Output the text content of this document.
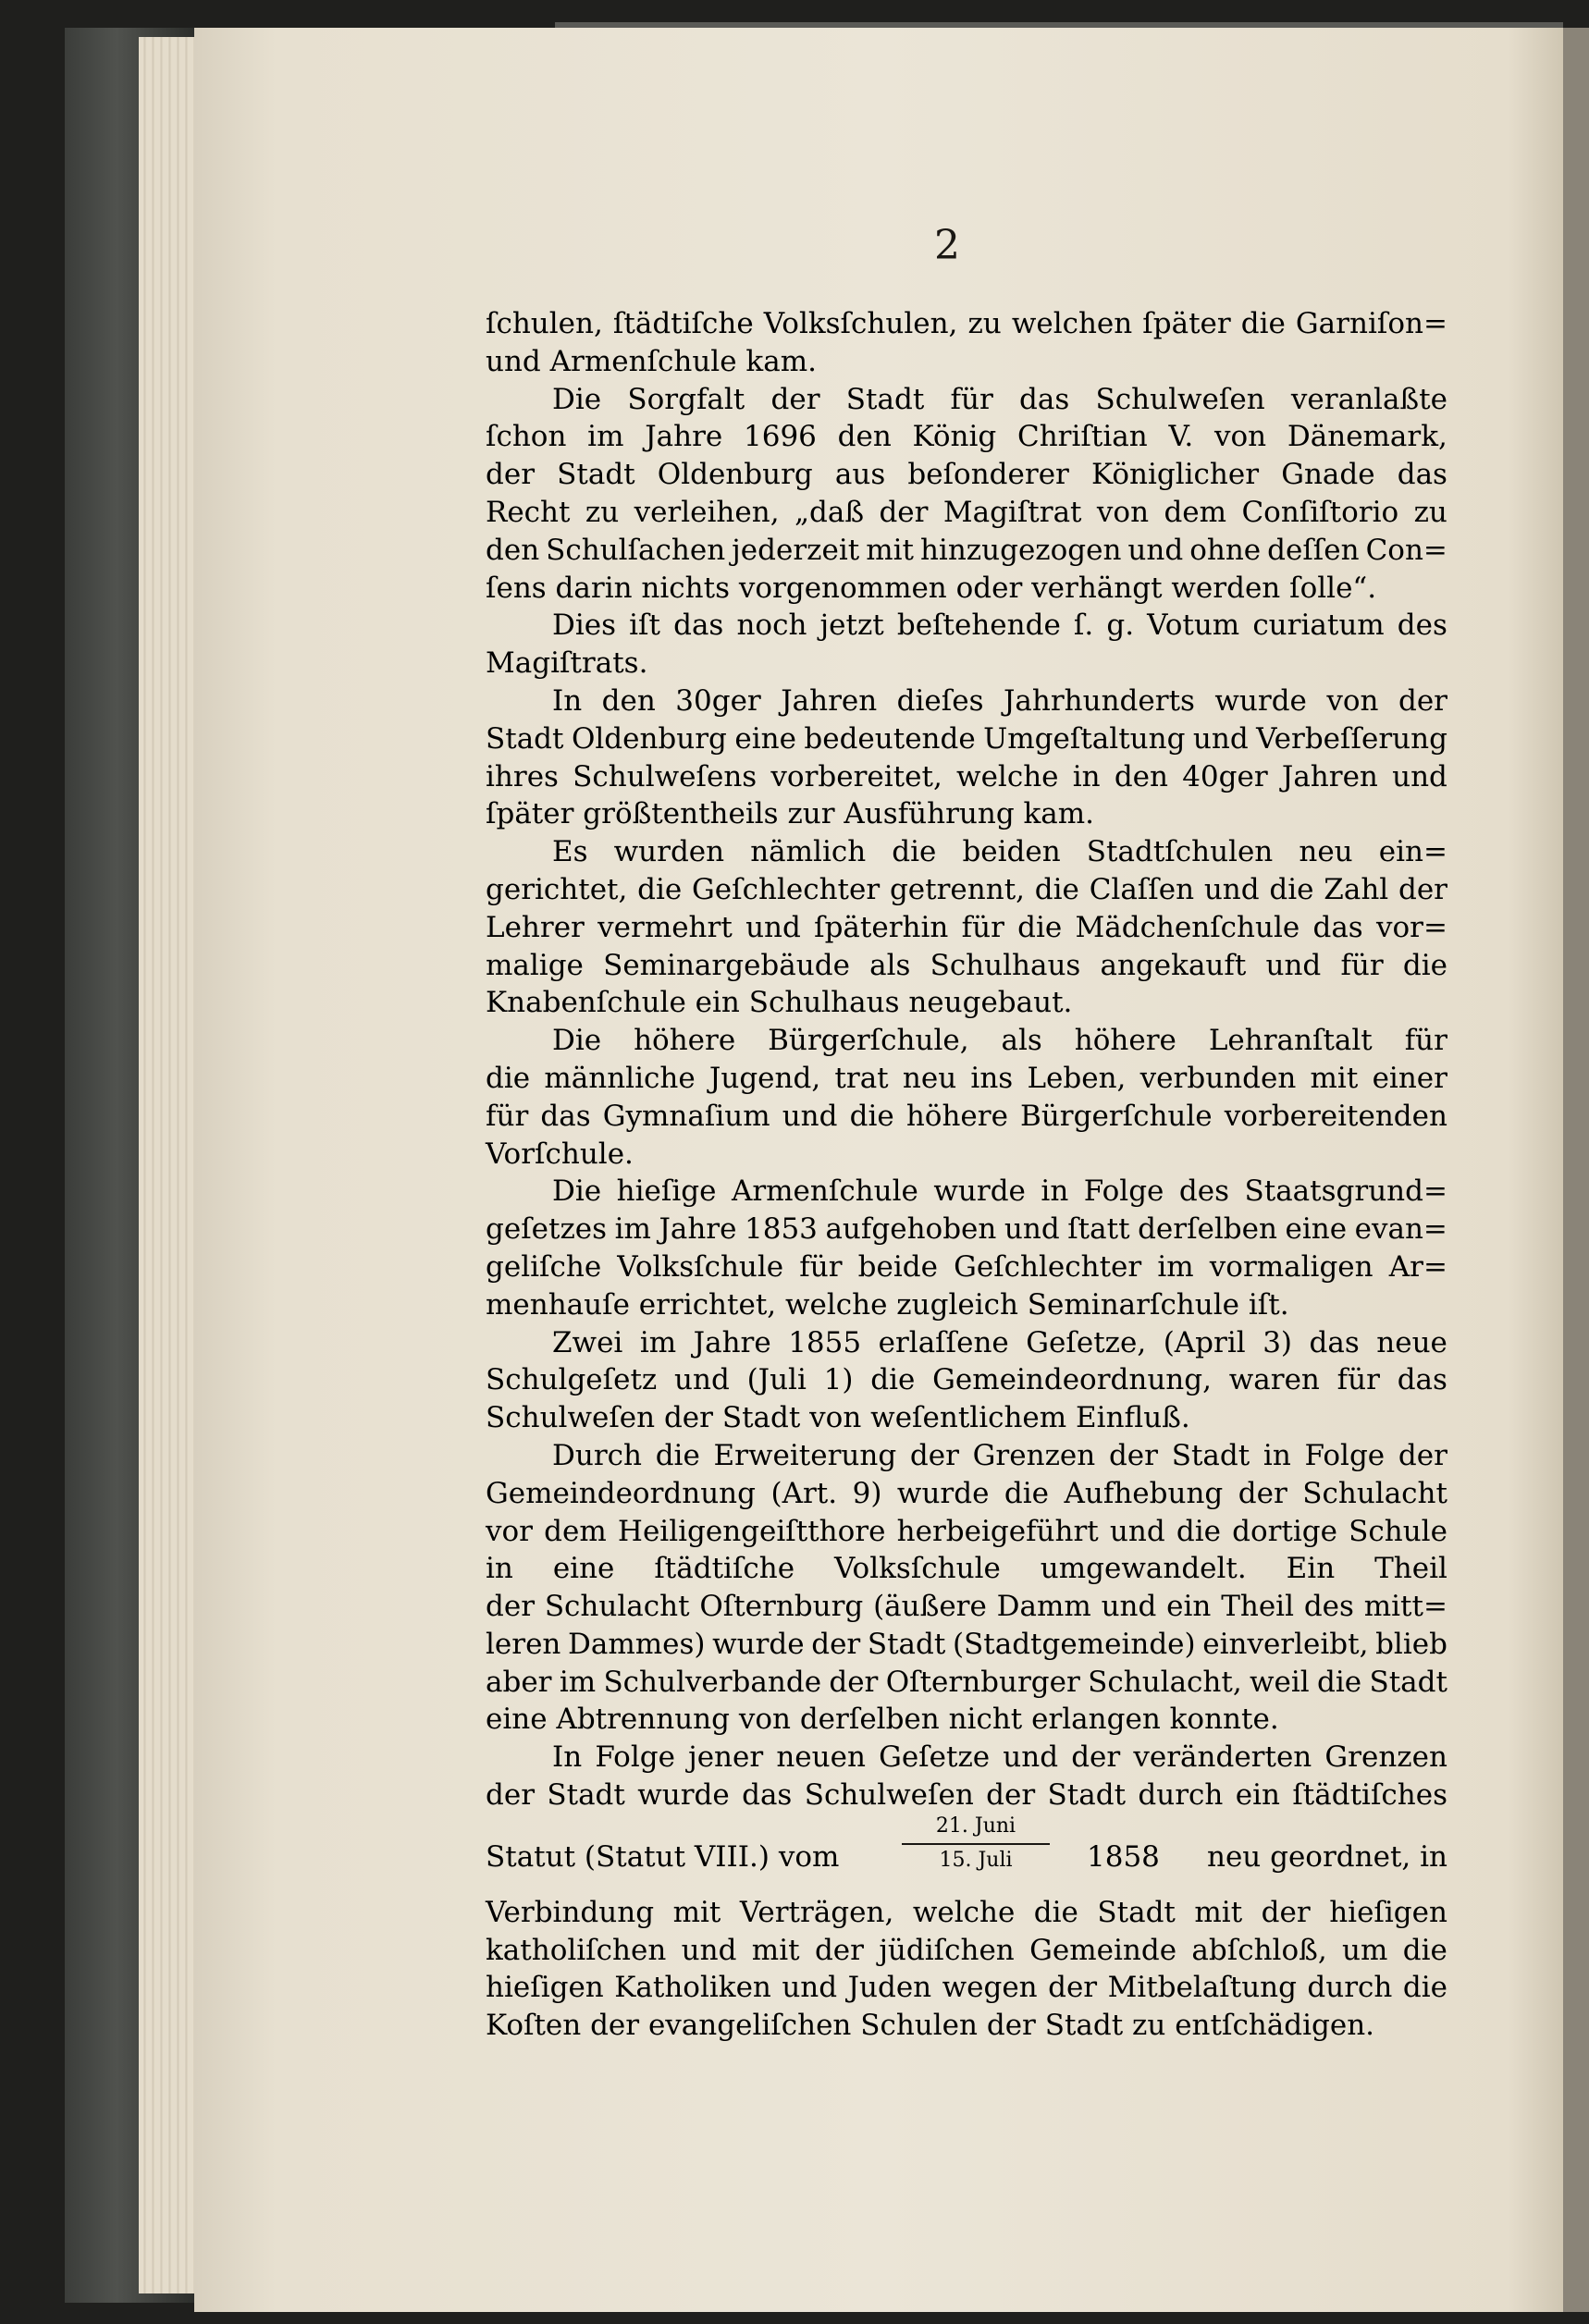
2
ſchulen, ſtädtiſche Volksſchulen, zu welchen ſpäter die Garniſon=
und Armenſchule kam.
Die Sorgfalt der Stadt für das Schulweſen veranlaßte
ſchon im Jahre 1696 den König Chriſtian V. von Dänemark,
der Stadt Oldenburg aus beſonderer Königlicher Gnade das
Recht zu verleihen, „daß der Magiſtrat von dem Conſiſtorio zu
den Schulſachen jederzeit mit hinzugezogen und ohne deſſen Con=
ſens darin nichts vorgenommen oder verhängt werden ſolle“.
Dies iſt das noch jetzt beſtehende ſ. g. Votum curiatum des
Magiſtrats.
In den 30ger Jahren dieſes Jahrhunderts wurde von der
Stadt Oldenburg eine bedeutende Umgeſtaltung und Verbeſſerung
ihres Schulweſens vorbereitet, welche in den 40ger Jahren und
ſpäter größtentheils zur Ausführung kam.
Es wurden nämlich die beiden Stadtſchulen neu ein=
gerichtet, die Geſchlechter getrennt, die Claſſen und die Zahl der
Lehrer vermehrt und ſpäterhin für die Mädchenſchule das vor=
malige Seminargebäude als Schulhaus angekauft und für die
Knabenſchule ein Schulhaus neugebaut.
Die höhere Bürgerſchule, als höhere Lehranſtalt für
die männliche Jugend, trat neu ins Leben, verbunden mit einer
für das Gymnaſium und die höhere Bürgerſchule vorbereitenden
Vorſchule.
Die hieſige Armenſchule wurde in Folge des Staatsgrund=
geſetzes im Jahre 1853 aufgehoben und ſtatt derſelben eine evan=
geliſche Volksſchule für beide Geſchlechter im vormaligen Ar=
menhauſe errichtet, welche zugleich Seminarſchule iſt.
Zwei im Jahre 1855 erlaſſene Geſetze, (April 3) das neue
Schulgeſetz und (Juli 1) die Gemeindeordnung, waren für das
Schulweſen der Stadt von weſentlichem Einfluß.
Durch die Erweiterung der Grenzen der Stadt in Folge der
Gemeindeordnung (Art. 9) wurde die Aufhebung der Schulacht
vor dem Heiligengeiſtthore herbeigeführt und die dortige Schule
in eine ſtädtiſche Volksſchule umgewandelt. Ein Theil
der Schulacht Oſternburg (äußere Damm und ein Theil des mitt=
leren Dammes) wurde der Stadt (Stadtgemeinde) einverleibt, blieb
aber im Schulverbande der Oſternburger Schulacht, weil die Stadt
eine Abtrennung von derſelben nicht erlangen konnte.
In Folge jener neuen Geſetze und der veränderten Grenzen
der Stadt wurde das Schulweſen der Stadt durch ein ſtädtiſches
Statut (Statut VIII.) vom
21. Juni
15. Juli	1858 neu geordnet, in
Verbindung mit Verträgen, welche die Stadt mit der hieſigen
katholiſchen und mit der jüdiſchen Gemeinde abſchloß, um die
hieſigen Katholiken und Juden wegen der Mitbelaſtung durch die
Koſten der evangeliſchen Schulen der Stadt zu entſchädigen.
